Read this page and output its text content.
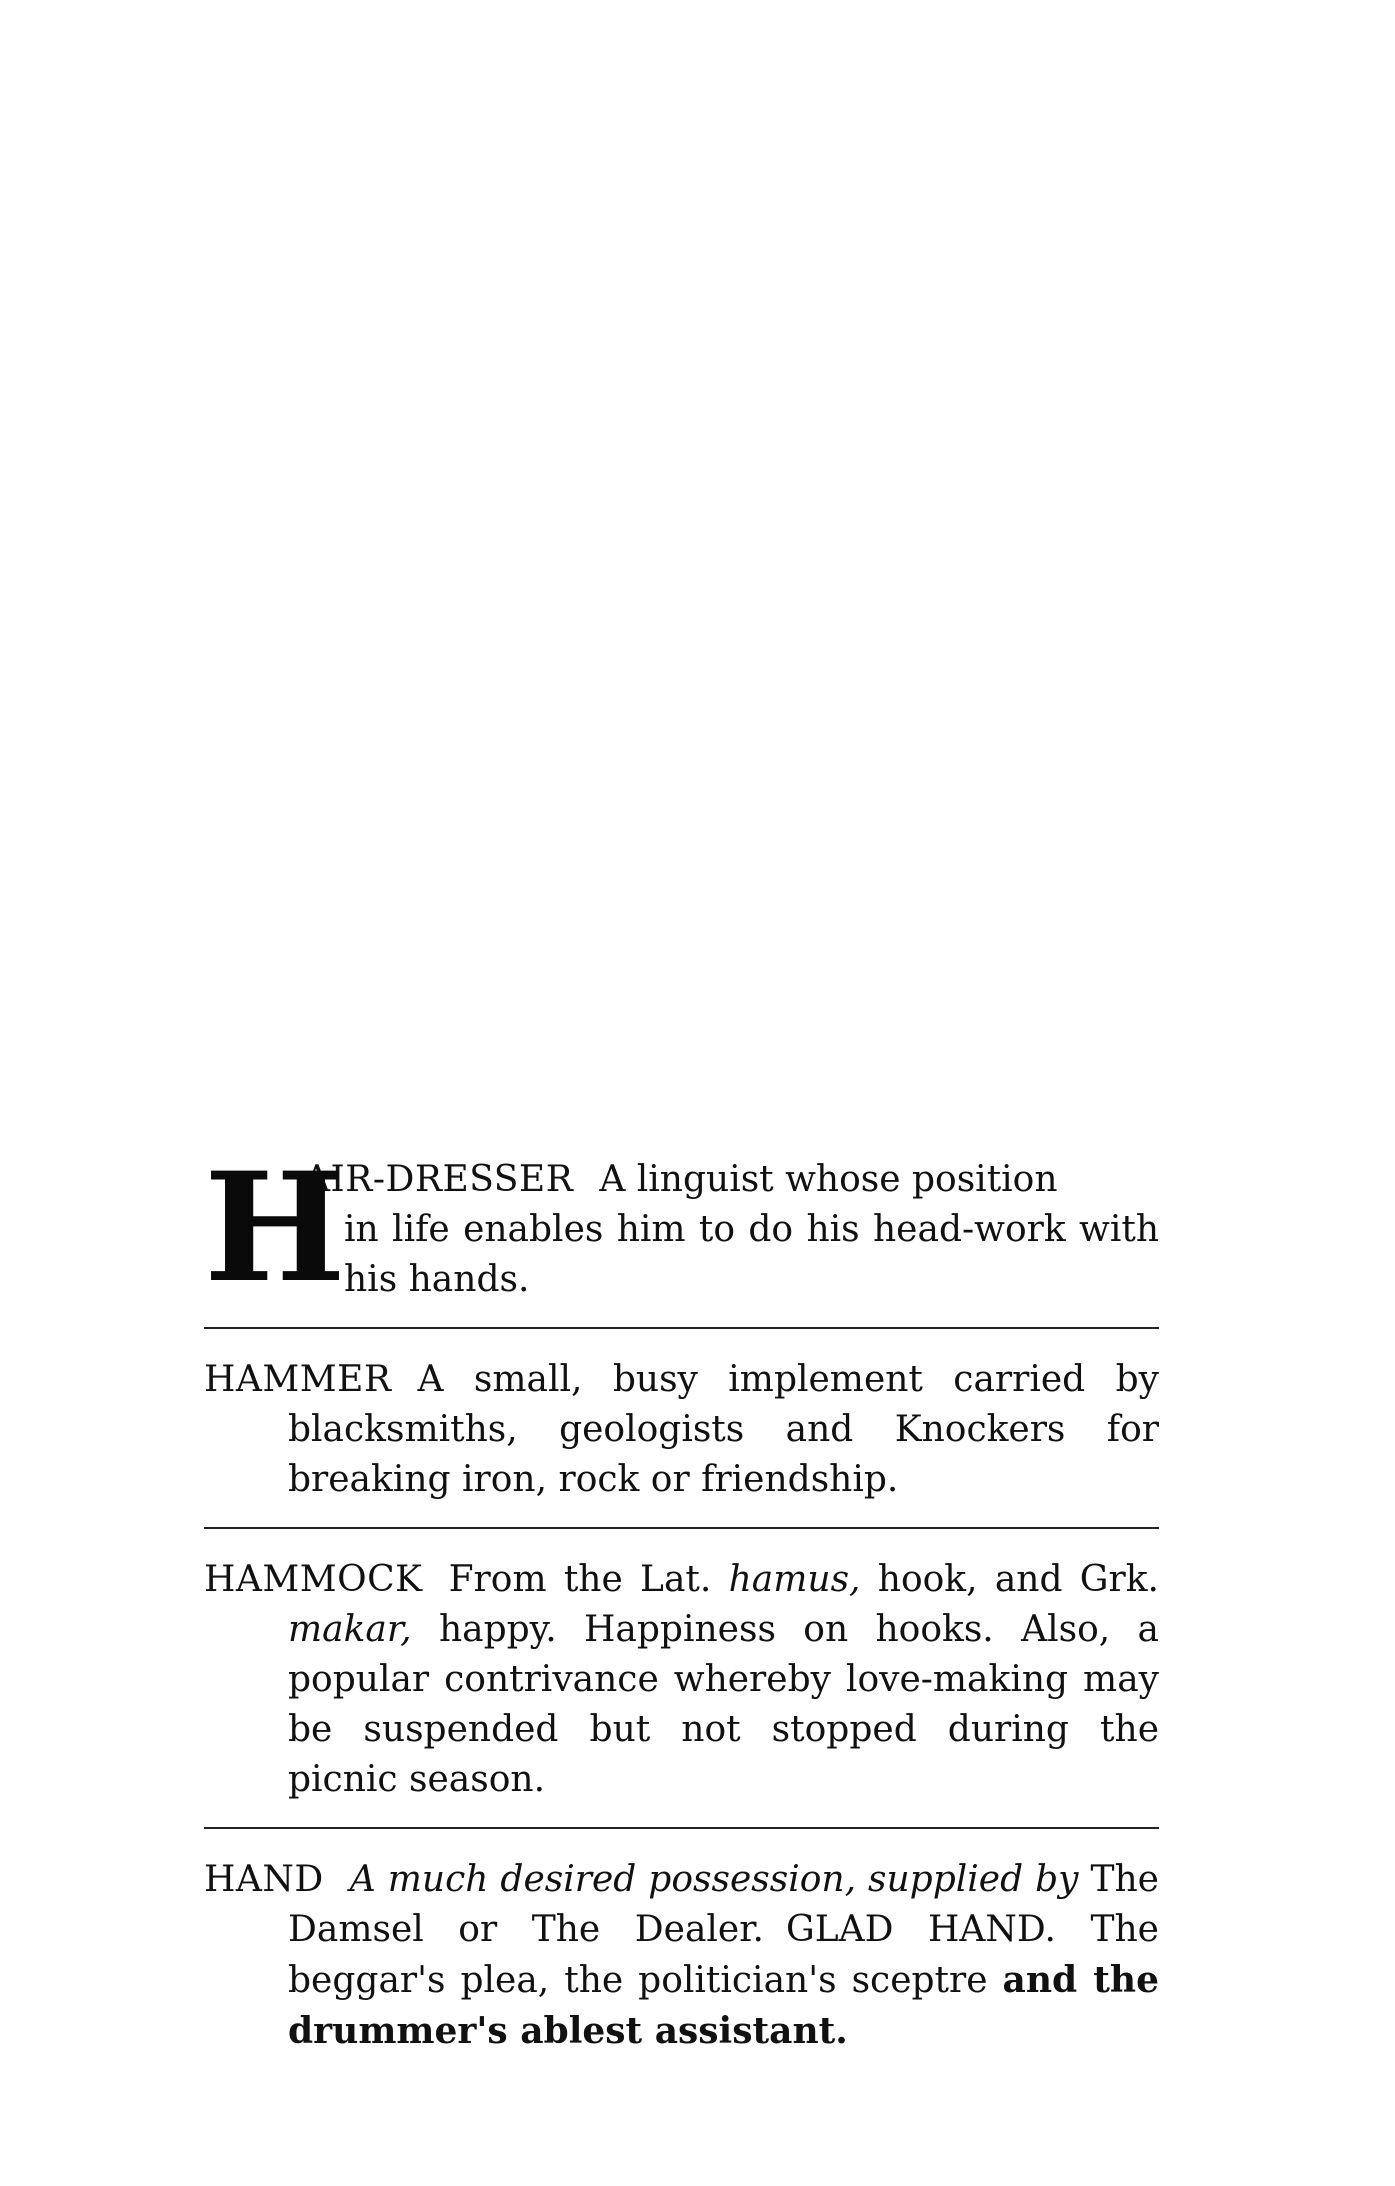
H
AIR-DRESSER A linguist whose position
in life enables him to do his head-work with his hands.
HAMMER A small, busy implement carried by blacksmiths, geologists and Knockers for breaking iron, rock or friendship.
HAMMOCK From the Lat. hamus, hook, and Grk. makar, happy. Happiness on hooks. Also, a popular contrivance whereby love-making may be suspended but not stopped during the picnic season.
HAND A much desired possession, supplied by The Damsel or The Dealer. GLAD HAND. The beggar's plea, the politician's sceptre and the drummer's ablest assistant.
